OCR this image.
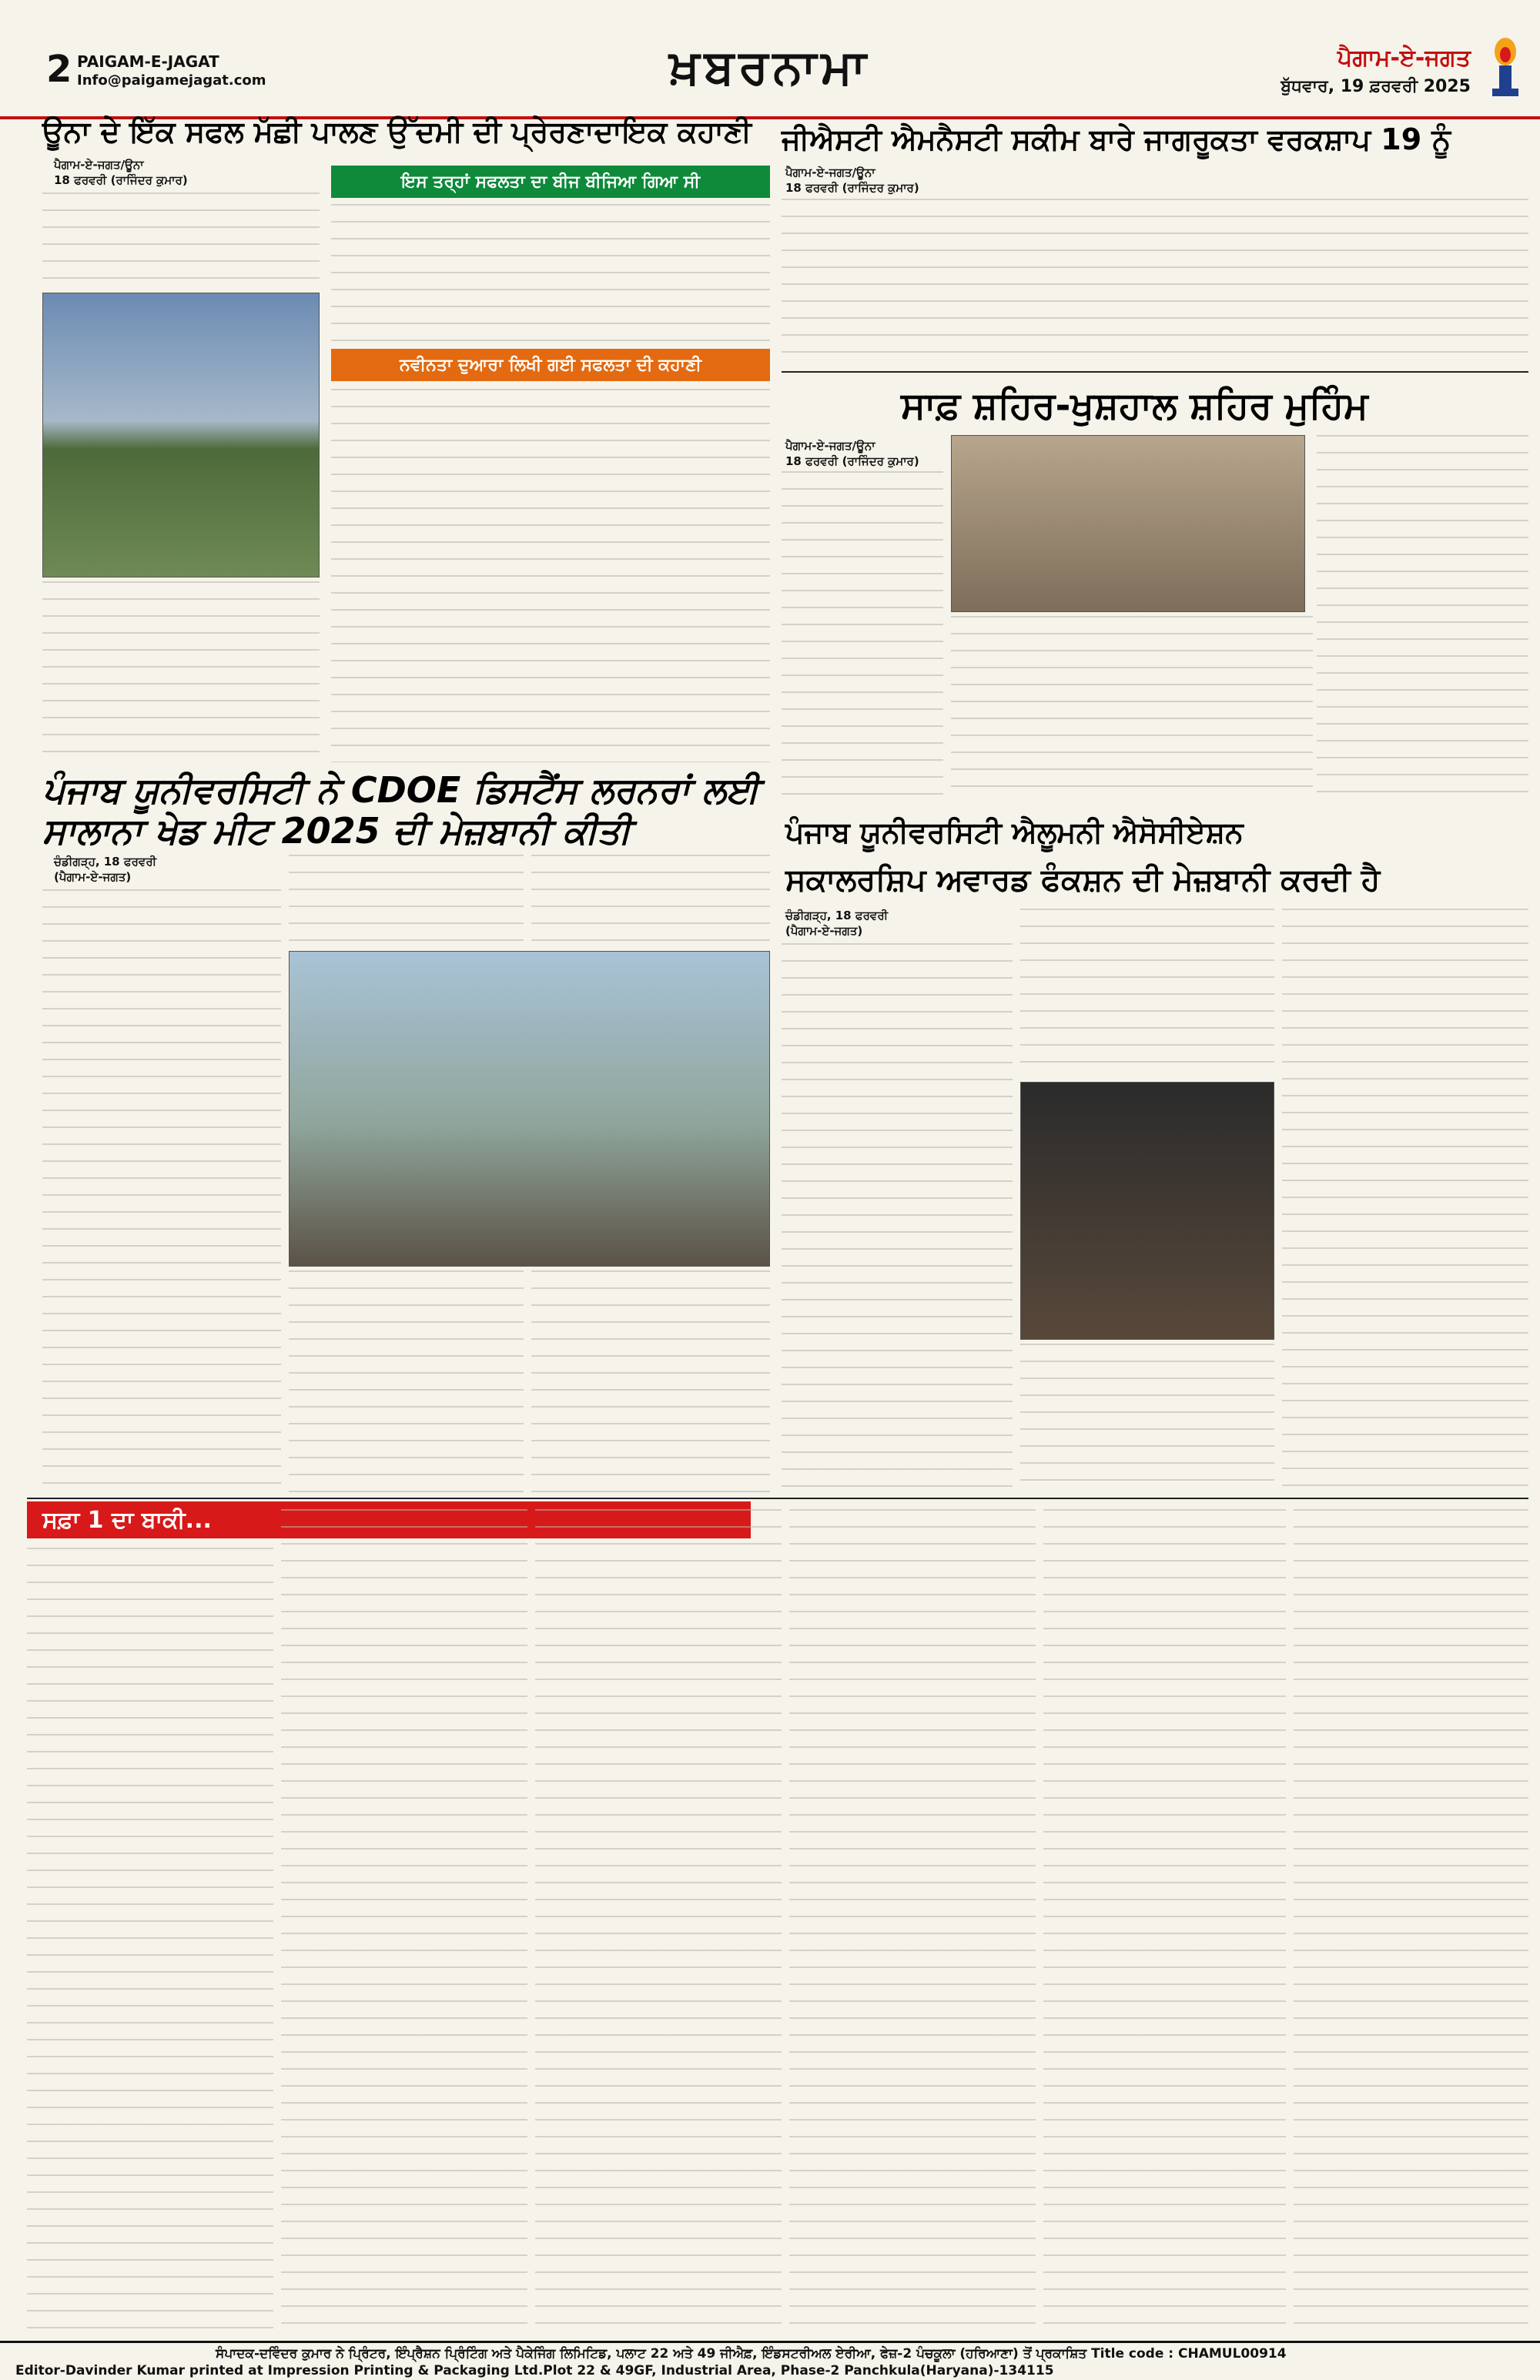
2 PAIGAM-E-JAGAT
Info@paigamejagat.com	ਖ਼ਬਰਨਾਮਾ	ਪੈਗਾਮ-ਏ-ਜਗਤ
ਬੁੱਧਵਾਰ, 19 ਫ਼ਰਵਰੀ 2025
ਊਨਾ ਦੇ ਇੱਕ ਸਫਲ ਮੱਛੀ ਪਾਲਣ ਉੱਦਮੀ ਦੀ ਪ੍ਰੇਰਣਾਦਾਇਕ ਕਹਾਣੀ
ਪੈਗਾਮ-ਏ-ਜਗਤ/ਊਨਾ
18 ਫਰਵਰੀ (ਰਾਜਿੰਦਰ ਕੁਮਾਰ)	ਇਸ ਤਰ੍ਹਾਂ ਸਫਲਤਾ ਦਾ ਬੀਜ ਬੀਜਿਆ ਗਿਆ ਸੀ
ਨਵੀਨਤਾ ਦੁਆਰਾ ਲਿਖੀ ਗਈ ਸਫਲਤਾ ਦੀ ਕਹਾਣੀ
ਜੀਐਸਟੀ ਐਮਨੈਸਟੀ ਸਕੀਮ ਬਾਰੇ ਜਾਗਰੂਕਤਾ ਵਰਕਸ਼ਾਪ 19 ਨੂੰ
ਪੈਗਾਮ-ਏ-ਜਗਤ/ਊਨਾ
18 ਫਰਵਰੀ (ਰਾਜਿੰਦਰ ਕੁਮਾਰ)
ਸਾਫ਼ ਸ਼ਹਿਰ-ਖੁਸ਼ਹਾਲ ਸ਼ਹਿਰ ਮੁਹਿੰਮ
ਪੈਗਾਮ-ਏ-ਜਗਤ/ਊਨਾ
18 ਫਰਵਰੀ (ਰਾਜਿੰਦਰ ਕੁਮਾਰ)
ਪੰਜਾਬ ਯੂਨੀਵਰਸਿਟੀ ਨੇ CDOE ਡਿਸਟੈਂਸ ਲਰਨਰਾਂ ਲਈ ਸਾਲਾਨਾ ਖੇਡ ਮੀਟ 2025 ਦੀ ਮੇਜ਼ਬਾਨੀ ਕੀਤੀ
ਚੰਡੀਗੜ੍ਹ, 18 ਫਰਵਰੀ
(ਪੈਗਾਮ-ਏ-ਜਗਤ)
ਪੰਜਾਬ ਯੂਨੀਵਰਸਿਟੀ ਐਲੂਮਨੀ ਐਸੋਸੀਏਸ਼ਨ
ਸਕਾਲਰਸ਼ਿਪ ਅਵਾਰਡ ਫੰਕਸ਼ਨ ਦੀ ਮੇਜ਼ਬਾਨੀ ਕਰਦੀ ਹੈ
ਚੰਡੀਗੜ੍ਹ, 18 ਫਰਵਰੀ
(ਪੈਗਾਮ-ਏ-ਜਗਤ)
ਸਫ਼ਾ 1 ਦਾ ਬਾਕੀ...
ਸੰਪਾਦਕ-ਦਵਿੰਦਰ ਕੁਮਾਰ ਨੇ ਪ੍ਰਿੰਟਰ, ਇੰਪ੍ਰੈਸ਼ਨ ਪ੍ਰਿੰਟਿੰਗ ਅਤੇ ਪੈਕੇਜਿੰਗ ਲਿਮਿਟਿਡ, ਪਲਾਟ 22 ਅਤੇ 49 ਜੀਐਫ਼, ਇੰਡਸਟਰੀਅਲ ਏਰੀਆ, ਫੇਜ਼-2 ਪੰਚਕੂਲਾ (ਹਰਿਆਣਾ) ਤੋਂ ਪ੍ਰਕਾਸ਼ਿਤ Title code : CHAMUL00914
Editor-Davinder Kumar printed at Impression Printing & Packaging Ltd.Plot 22 & 49GF, Industrial Area, Phase-2 Panchkula(Haryana)-134115
